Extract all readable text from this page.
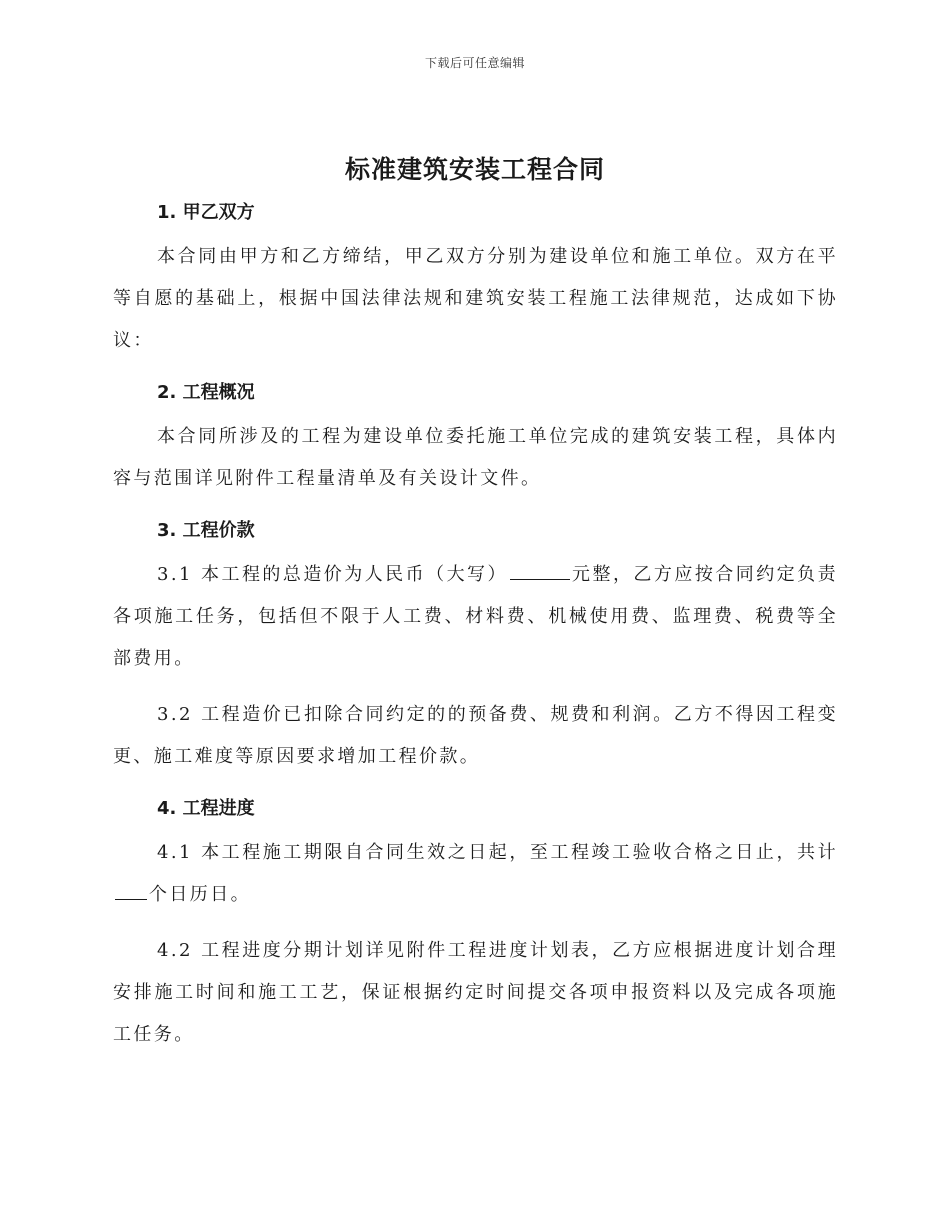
下载后可任意编辑
标准建筑安装工程合同
1. 甲乙双方

本合同由甲方和乙方缔结，甲乙双方分别为建设单位和施工单位。双方在平等自愿的基础上，根据中国法律法规和建筑安装工程施工法律规范，达成如下协议：

2. 工程概况

本合同所涉及的工程为建设单位委托施工单位完成的建筑安装工程，具体内容与范围详见附件工程量清单及有关设计文件。

3. 工程价款

3.1 本工程的总造价为人民币（大写）	元整，乙方应按合同约定负责各项施工任务，包括但不限于人工费、材料费、机械使用费、监理费、税费等全部费用。

3.2 工程造价已扣除合同约定的的预备费、规费和利润。乙方不得因工程变更、施工难度等原因要求增加工程价款。

4. 工程进度

4.1 本工程施工期限自合同生效之日起，至工程竣工验收合格之日止，共计个日历日。

4.2 工程进度分期计划详见附件工程进度计划表，乙方应根据进度计划合理安排施工时间和施工工艺，保证根据约定时间提交各项申报资料以及完成各项施工任务。
